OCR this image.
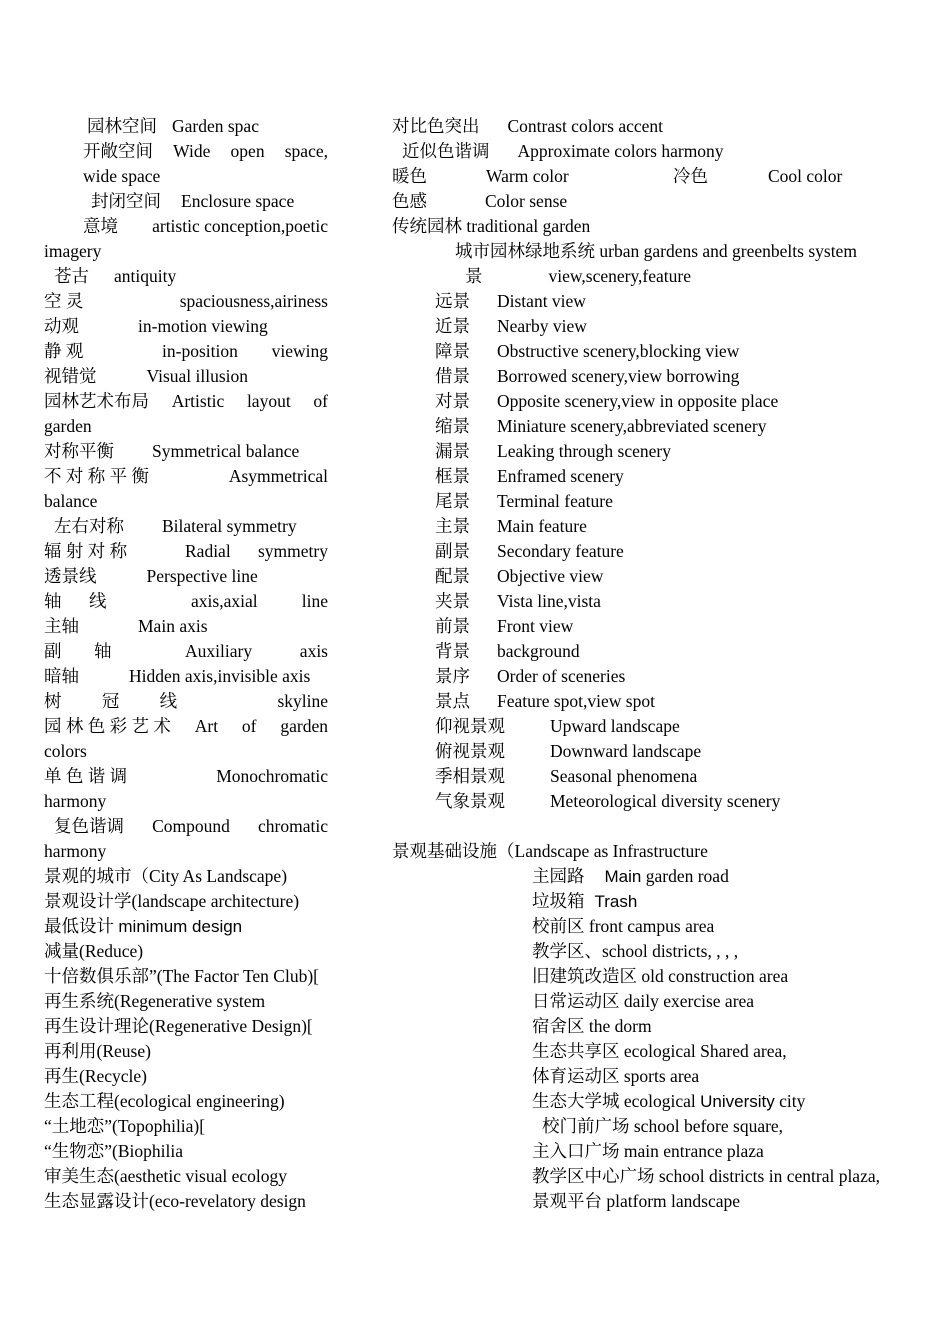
园林空间 Garden spac
开敞空间 Wide open space,
wide space
封闭空间 Enclosure space
意境 artistic conception,poetic
imagery
苍古 antiquity
空 灵	spaciousness,airiness
动观	in-motion viewing
静 观	in-position viewing
视错觉	Visual illusion
园林艺术布局 Artistic layout of
garden
对称平衡 Symmetrical balance
不 对 称 平 衡	Asymmetrical
balance
左右对称 Bilateral symmetry
辐 射 对 称	Radial symmetry
透景线	Perspective line
轴 线	axis,axial	line
主轴	Main axis
副 轴	Auxiliary	axis
暗轴	Hidden axis,invisible axis
树 冠 线	skyline
园 林 色 彩 艺 术 Art of garden
colors
单 色 谐 调	Monochromatic
harmony
复色谐调 Compound chromatic
harmony
景观的城市（City As Landscape)
景观设计学(landscape architecture)
最低设计 minimum design
减量(Reduce)
十倍数俱乐部”(The Factor Ten Club)[
再生系统(Regenerative system
再生设计理论(Regenerative Design)[
再利用(Reuse)
再生(Recycle)
生态工程(ecological engineering)
“土地恋”(Topophilia)[
“生物恋”(Biophilia
审美生态(aesthetic visual ecology
生态显露设计(eco-revelatory design
对比色突出 Contrast colors accent
近似色谐调 Approximate colors harmony
暖色	Warm color	冷色	Cool color
色感	Color sense
传统园林 traditional garden
城市园林绿地系统 urban gardens and greenbelts system
景	view,scenery,feature
远景 Distant view
近景 Nearby view
障景 Obstructive scenery,blocking view
借景 Borrowed scenery,view borrowing
对景 Opposite scenery,view in opposite place
缩景 Miniature scenery,abbreviated scenery
漏景 Leaking through scenery
框景 Enframed scenery
尾景 Terminal feature
主景 Main feature
副景 Secondary feature
配景 Objective view
夹景 Vista line,vista
前景 Front view
背景 background
景序 Order of sceneries
景点 Feature spot,view spot
仰视景观	Upward landscape
俯视景观	Downward landscape
季相景观	Seasonal phenomena
气象景观	Meteorological diversity scenery
景观基础设施（Landscape as Infrastructure
主园路 Main garden road
垃圾箱 Trash
校前区 front campus area
教学区、school districts, , , ,
旧建筑改造区 old construction area
日常运动区 daily exercise area
宿舍区 the dorm
生态共享区 ecological Shared area,
体育运动区 sports area
生态大学城 ecological University city
校门前广场 school before square,
主入口广场 main entrance plaza
教学区中心广场 school districts in central plaza,
景观平台 platform landscape
